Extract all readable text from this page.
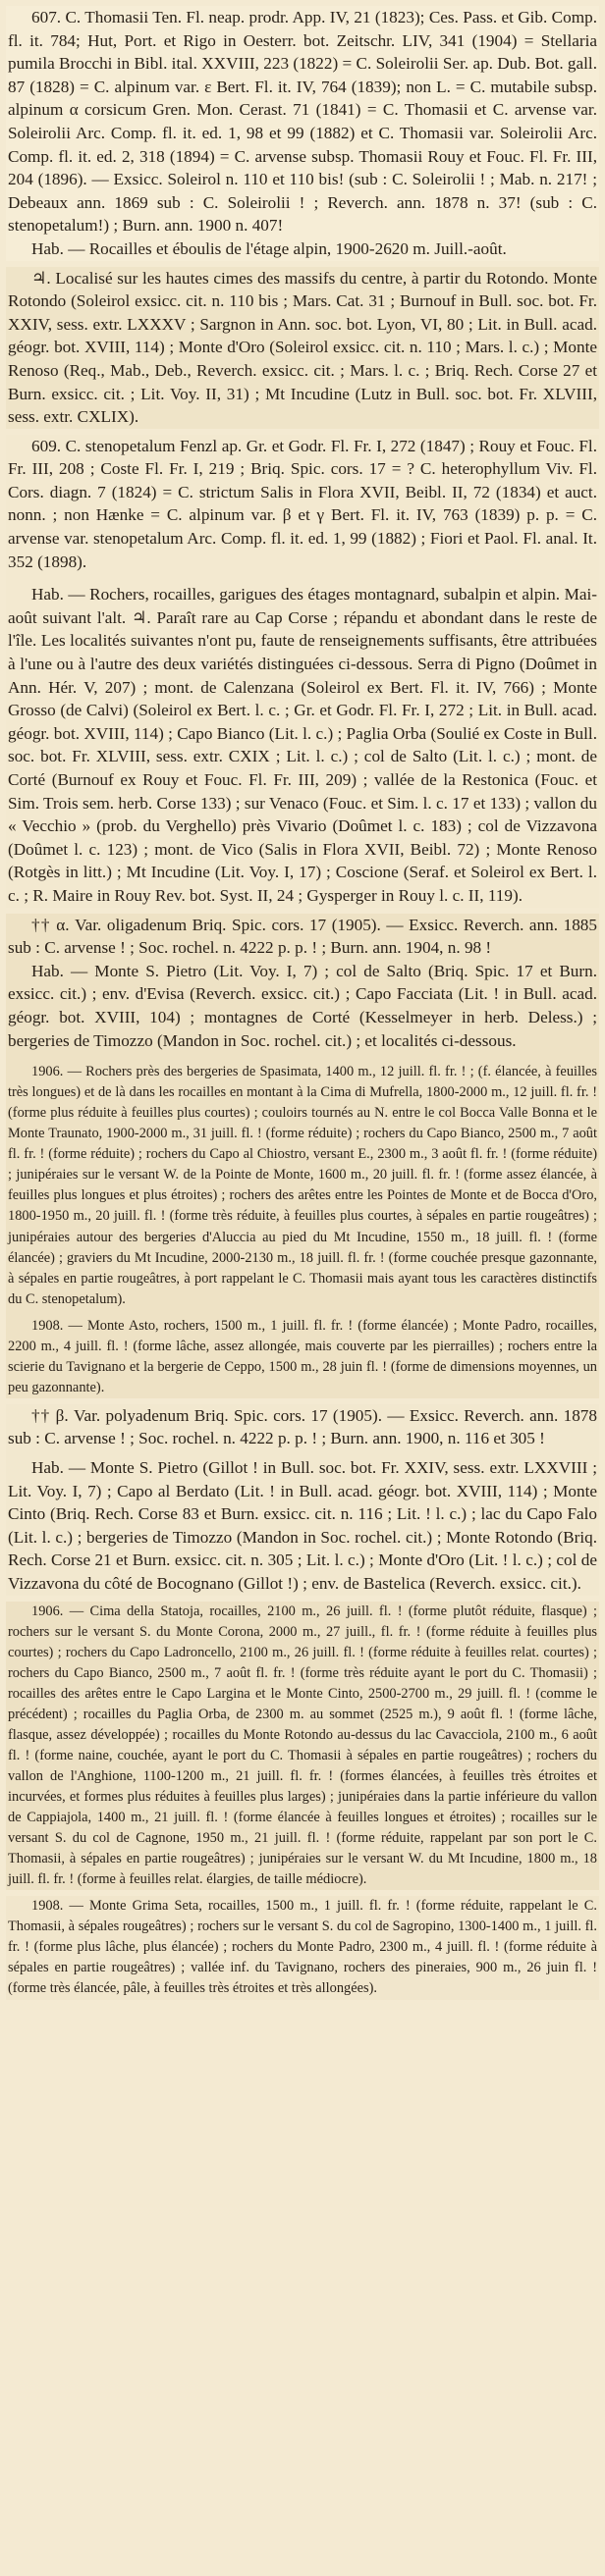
607. C. Thomasii Ten. Fl. neap. prodr. App. IV, 21 (1823); Ces. Pass. et Gib. Comp. fl. it. 784; Hut, Port. et Rigo in Oesterr. bot. Zeitschr. LIV, 341 (1904) = Stellaria pumila Brocchi in Bibl. ital. XXVIII, 223 (1822) = C. Soleirolii Ser. ap. Dub. Bot. gall. 87 (1828) = C. alpinum var. ε Bert. Fl. it. IV, 764 (1839); non L. = C. mutabile subsp. alpinum α corsicum Gren. Mon. Cerast. 71 (1841) = C. Thomasii et C. arvense var. Soleirolii Arc. Comp. fl. it. ed. 1, 98 et 99 (1882) et C. Thomasii var. Soleirolii Arc. Comp. fl. it. ed. 2, 318 (1894) = C. arvense subsp. Thomasii Rouy et Fouc. Fl. Fr. III, 204 (1896). — Exsicc. Soleirol n. 110 et 110 bis! (sub : C. Soleirolii ! ; Mab. n. 217! ; Debeaux ann. 1869 sub : C. Soleirolii ! ; Reverch. ann. 1878 n. 37! (sub : C. stenopetalum!) ; Burn. ann. 1900 n. 407!

Hab. — Rocailles et éboulis de l'étage alpin, 1900-2620 m. Juill.-août.

♃. Localisé sur les hautes cimes des massifs du centre, à partir du Rotondo. Monte Rotondo (Soleirol exsicc. cit. n. 110 bis ; Mars. Cat. 31 ; Burnouf in Bull. soc. bot. Fr. XXIV, sess. extr. LXXXV ; Sargnon in Ann. soc. bot. Lyon, VI, 80 ; Lit. in Bull. acad. géogr. bot. XVIII, 114) ; Monte d'Oro (Soleirol exsicc. cit. n. 110 ; Mars. l. c.) ; Monte Renoso (Req., Mab., Deb., Reverch. exsicc. cit. ; Mars. l. c. ; Briq. Rech. Corse 27 et Burn. exsicc. cit. ; Lit. Voy. II, 31) ; Mt Incudine (Lutz in Bull. soc. bot. Fr. XLVIII, sess. extr. CXLIX).

609. C. stenopetalum Fenzl ap. Gr. et Godr. Fl. Fr. I, 272 (1847) ; Rouy et Fouc. Fl. Fr. III, 208 ; Coste Fl. Fr. I, 219 ; Briq. Spic. cors. 17 = ? C. heterophyllum Viv. Fl. Cors. diagn. 7 (1824) = C. strictum Salis in Flora XVII, Beibl. II, 72 (1834) et auct. nonn. ; non Hænke = C. alpinum var. β et γ Bert. Fl. it. IV, 763 (1839) p. p. = C. arvense var. stenopetalum Arc. Comp. fl. it. ed. 1, 99 (1882) ; Fiori et Paol. Fl. anal. It. 352 (1898).

Hab. — Rochers, rocailles, garigues des étages montagnard, subalpin et alpin. Mai-août suivant l'alt. ♃. Paraît rare au Cap Corse ; répandu et abondant dans le reste de l'île. Les localités suivantes n'ont pu, faute de renseignements suffisants, être attribuées à l'une ou à l'autre des deux variétés distinguées ci-dessous. Serra di Pigno (Doûmet in Ann. Hér. V, 207) ; mont. de Calenzana (Soleirol ex Bert. Fl. it. IV, 766) ; Monte Grosso (de Calvi) (Soleirol ex Bert. l. c. ; Gr. et Godr. Fl. Fr. I, 272 ; Lit. in Bull. acad. géogr. bot. XVIII, 114) ; Capo Bianco (Lit. l. c.) ; Paglia Orba (Soulié ex Coste in Bull. soc. bot. Fr. XLVIII, sess. extr. CXIX ; Lit. l. c.) ; col de Salto (Lit. l. c.) ; mont. de Corté (Burnouf ex Rouy et Fouc. Fl. Fr. III, 209) ; vallée de la Restonica (Fouc. et Sim. Trois sem. herb. Corse 133) ; sur Venaco (Fouc. et Sim. l. c. 17 et 133) ; vallon du « Vecchio » (prob. du Verghello) près Vivario (Doûmet l. c. 183) ; col de Vizzavona (Doûmet l. c. 123) ; mont. de Vico (Salis in Flora XVII, Beibl. 72) ; Monte Renoso (Rotgès in litt.) ; Mt Incudine (Lit. Voy. I, 17) ; Coscione (Seraf. et Soleirol ex Bert. l. c. ; R. Maire in Rouy Rev. bot. Syst. II, 24 ; Gysperger in Rouy l. c. II, 119).

†† α. Var. oligadenum Briq. Spic. cors. 17 (1905). — Exsicc. Reverch. ann. 1885 sub : C. arvense ! ; Soc. rochel. n. 4222 p. p. ! ; Burn. ann. 1904, n. 98 !

Hab. — Monte S. Pietro (Lit. Voy. I, 7) ; col de Salto (Briq. Spic. 17 et Burn. exsicc. cit.) ; env. d'Evisa (Reverch. exsicc. cit.) ; Capo Facciata (Lit. ! in Bull. acad. géogr. bot. XVIII, 104) ; montagnes de Corté (Kesselmeyer in herb. Deless.) ; bergeries de Timozzo (Mandon in Soc. rochel. cit.) ; et localités ci-dessous.

1906. — Rochers près des bergeries de Spasimata, 1400 m., 12 juill. fl. fr. ! ; (f. élancée, à feuilles très longues) et de là dans les rocailles en montant à la Cima di Mufrella, 1800-2000 m., 12 juill. fl. fr. ! (forme plus réduite à feuilles plus courtes) ; couloirs tournés au N. entre le col Bocca Valle Bonna et le Monte Traunato, 1900-2000 m., 31 juill. fl. ! (forme réduite) ; rochers du Capo Bianco, 2500 m., 7 août fl. fr. ! (forme réduite) ; rochers du Capo al Chiostro, versant E., 2300 m., 3 août fl. fr. ! (forme réduite) ; junipéraies sur le versant W. de la Pointe de Monte, 1600 m., 20 juill. fl. fr. ! (forme assez élancée, à feuilles plus longues et plus étroites) ; rochers des arêtes entre les Pointes de Monte et de Bocca d'Oro, 1800-1950 m., 20 juill. fl. ! (forme très réduite, à feuilles plus courtes, à sépales en partie rougeâtres) ; junipéraies autour des bergeries d'Aluccia au pied du Mt Incudine, 1550 m., 18 juill. fl. ! (forme élancée) ; graviers du Mt Incudine, 2000-2130 m., 18 juill. fl. fr. ! (forme couchée presque gazonnante, à sépales en partie rougeâtres, à port rappelant le C. Thomasii mais ayant tous les caractères distinctifs du C. stenopetalum).

1908. — Monte Asto, rochers, 1500 m., 1 juill. fl. fr. ! (forme élancée) ; Monte Padro, rocailles, 2200 m., 4 juill. fl. ! (forme lâche, assez allongée, mais couverte par les pierrailles) ; rochers entre la scierie du Tavignano et la bergerie de Ceppo, 1500 m., 28 juin fl. ! (forme de dimensions moyennes, un peu gazonnante).

†† β. Var. polyadenum Briq. Spic. cors. 17 (1905). — Exsicc. Reverch. ann. 1878 sub : C. arvense ! ; Soc. rochel. n. 4222 p. p. ! ; Burn. ann. 1900, n. 116 et 305 !

Hab. — Monte S. Pietro (Gillot ! in Bull. soc. bot. Fr. XXIV, sess. extr. LXXVIII ; Lit. Voy. I, 7) ; Capo al Berdato (Lit. ! in Bull. acad. géogr. bot. XVIII, 114) ; Monte Cinto (Briq. Rech. Corse 83 et Burn. exsicc. cit. n. 116 ; Lit. ! l. c.) ; lac du Capo Falo (Lit. l. c.) ; bergeries de Timozzo (Mandon in Soc. rochel. cit.) ; Monte Rotondo (Briq. Rech. Corse 21 et Burn. exsicc. cit. n. 305 ; Lit. l. c.) ; Monte d'Oro (Lit. ! l. c.) ; col de Vizzavona du côté de Bocognano (Gillot !) ; env. de Bastelica (Reverch. exsicc. cit.).

1906. — Cima della Statoja, rocailles, 2100 m., 26 juill. fl. ! (forme plutôt réduite, flasque) ; rochers sur le versant S. du Monte Corona, 2000 m., 27 juill., fl. fr. ! (forme réduite à feuilles plus courtes) ; rochers du Capo Ladroncello, 2100 m., 26 juill. fl. ! (forme réduite à feuilles relat. courtes) ; rochers du Capo Bianco, 2500 m., 7 août fl. fr. ! (forme très réduite ayant le port du C. Thomasii) ; rocailles des arêtes entre le Capo Largina et le Monte Cinto, 2500-2700 m., 29 juill. fl. ! (comme le précédent) ; rocailles du Paglia Orba, de 2300 m. au sommet (2525 m.), 9 août fl. ! (forme lâche, flasque, assez développée) ; rocailles du Monte Rotondo au-dessus du lac Cavacciola, 2100 m., 6 août fl. ! (forme naine, couchée, ayant le port du C. Thomasii à sépales en partie rougeâtres) ; rochers du vallon de l'Anghione, 1100-1200 m., 21 juill. fl. fr. ! (formes élancées, à feuilles très étroites et incurvées, et formes plus réduites à feuilles plus larges) ; junipéraies dans la partie inférieure du vallon de Cappiajola, 1400 m., 21 juill. fl. ! (forme élancée à feuilles longues et étroites) ; rocailles sur le versant S. du col de Cagnone, 1950 m., 21 juill. fl. ! (forme réduite, rappelant par son port le C. Thomasii, à sépales en partie rougeâtres) ; junipéraies sur le versant W. du Mt Incudine, 1800 m., 18 juill. fl. fr. ! (forme à feuilles relat. élargies, de taille médiocre).

1908. — Monte Grima Seta, rocailles, 1500 m., 1 juill. fl. fr. ! (forme réduite, rappelant le C. Thomasii, à sépales rougeâtres) ; rochers sur le versant S. du col de Sagropino, 1300-1400 m., 1 juill. fl. fr. ! (forme plus lâche, plus élancée) ; rochers du Monte Padro, 2300 m., 4 juill. fl. ! (forme réduite à sépales en partie rougeâtres) ; vallée inf. du Tavignano, rochers des pineraies, 900 m., 26 juin fl. ! (forme très élancée, pâle, à feuilles très étroites et très allongées).
